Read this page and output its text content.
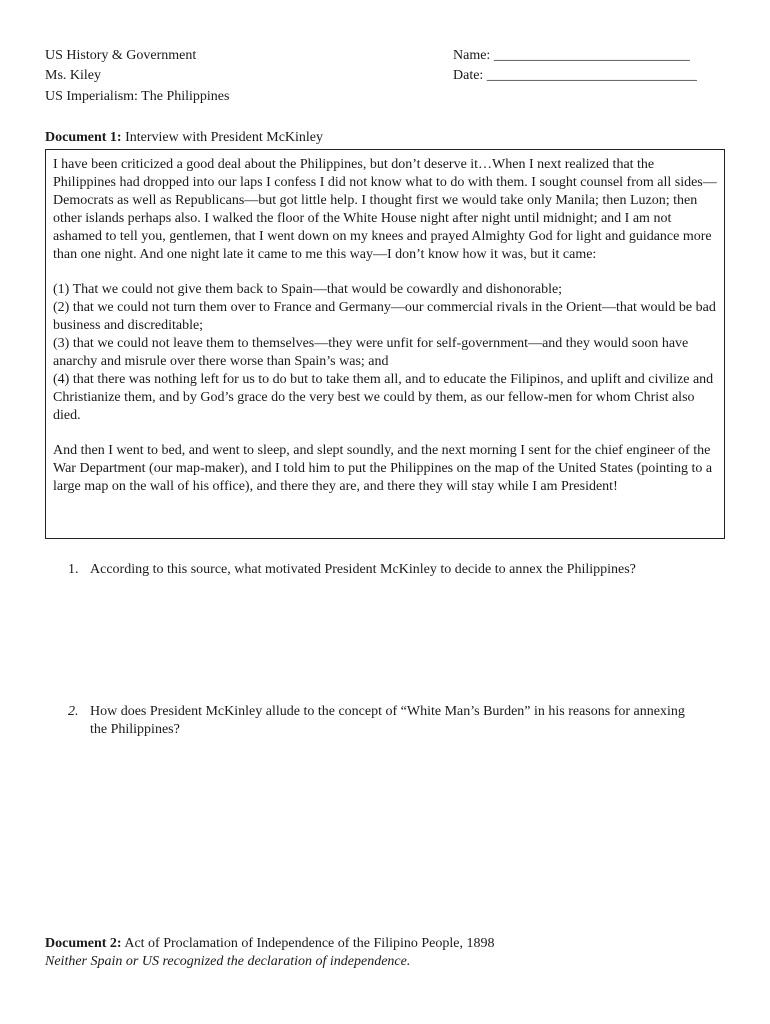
US History & Government
Ms. Kiley
US Imperialism: The Philippines
Name: ____________________________
Date: ______________________________
Document 1: Interview with President McKinley

I have been criticized a good deal about the Philippines, but don’t deserve it…When I next realized that the Philippines had dropped into our laps I confess I did not know what to do with them. I sought counsel from all sides—Democrats as well as Republicans—but got little help. I thought first we would take only Manila; then Luzon; then other islands perhaps also. I walked the floor of the White House night after night until midnight; and I am not ashamed to tell you, gentlemen, that I went down on my knees and prayed Almighty God for light and guidance more than one night. And one night late it came to me this way—I don’t know how it was, but it came:

(1) That we could not give them back to Spain—that would be cowardly and dishonorable;

(2) that we could not turn them over to France and Germany—our commercial rivals in the Orient—that would be bad business and discreditable;

(3) that we could not leave them to themselves—they were unfit for self-government—and they would soon have anarchy and misrule over there worse than Spain’s was; and

(4) that there was nothing left for us to do but to take them all, and to educate the Filipinos, and uplift and civilize and Christianize them, and by God’s grace do the very best we could by them, as our fellow-men for whom Christ also died.

And then I went to bed, and went to sleep, and slept soundly, and the next morning I sent for the chief engineer of the War Department (our map-maker), and I told him to put the Philippines on the map of the United States (pointing to a large map on the wall of his office), and there they are, and there they will stay while I am President!

1. According to this source, what motivated President McKinley to decide to annex the Philippines?
2. How does President McKinley allude to the concept of “White Man’s Burden” in his reasons for annexing the Philippines?
Document 2: Act of Proclamation of Independence of the Filipino People, 1898
Neither Spain or US recognized the declaration of independence.
